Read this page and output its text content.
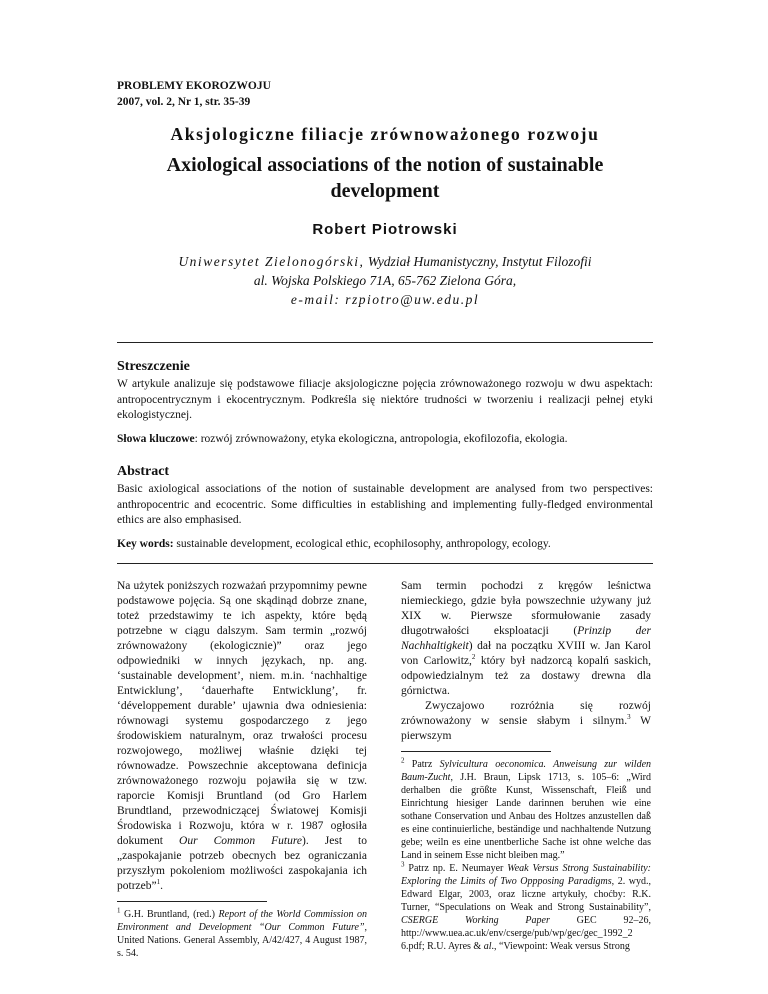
PROBLEMY EKOROZWOJU
2007, vol. 2, Nr 1, str. 35-39
Aksjologiczne filiacje zrównoważonego rozwoju
Axiological associations of the notion of sustainable development
Robert Piotrowski
Uniwersytet Zielonogórski, Wydział Humanistyczny, Instytut Filozofii
al. Wojska Polskiego 71A, 65-762 Zielona Góra,
e-mail: rzpiotro@uw.edu.pl
Streszczenie
W artykule analizuje się podstawowe filiacje aksjologiczne pojęcia zrównoważonego rozwoju w dwu aspektach: antropocentrycznym i ekocentrycznym. Podkreśla się niektóre trudności w tworzeniu i realizacji pełnej etyki ekologistycznej.
Słowa kluczowe: rozwój zrównoważony, etyka ekologiczna, antropologia, ekofilozofia, ekologia.
Abstract
Basic axiological associations of the notion of sustainable development are analysed from two perspectives: anthropocentric and ecocentric. Some difficulties in establishing and implementing fully-fledged environmental ethics are also emphasised.
Key words: sustainable development, ecological ethic, ecophilosophy, anthropology, ecology.

Na użytek poniższych rozważań przypomnimy pewne podstawowe pojęcia. Są one skądinąd dobrze znane, toteż przedstawimy te ich aspekty, które będą potrzebne w ciągu dalszym. Sam termin „rozwój zrównoważony (ekologicznie)” oraz jego odpowiedniki w innych językach, np. ang. ‘sustainable development’, niem. m.in. ‘nachhaltige Entwicklung’, ‘dauerhafte Entwicklung’, fr. ‘développement durable’ ujawnia dwa odniesienia: równowagi systemu gospodarczego z jego środowiskiem naturalnym, oraz trwałości procesu rozwojowego, możliwej właśnie dzięki tej równowadze. Powszechnie akceptowana definicja zrównoważonego rozwoju pojawiła się w tzw. raporcie Komisji Bruntland (od Gro Harlem Brundtland, przewodniczącej Światowej Komisji Środowiska i Rozwoju, która w r. 1987 ogłosiła dokument Our Common Future). Jest to „zaspokajanie potrzeb obecnych bez ograniczania przyszłym pokoleniom możliwości zaspokajania ich potrzeb”$^1$.

$^1$ G.H. Bruntland, (red.) Report of the World Commission on Environment and Development “Our Common Future”, United Nations. General Assembly, A/42/427, 4 August 1987, s. 54.

Sam termin pochodzi z kręgów leśnictwa niemieckiego, gdzie była powszechnie używany już XIX w. Pierwsze sformułowanie zasady długotrwałości eksploatacji (Prinzip der Nachhaltigkeit) dał na początku XVIII w. Jan Karol von Carlowitz,$^2$ który był nadzorcą kopalń saskich, odpowiedzialnym też za dostawy drewna dla górnictwa.

Zwyczajowo rozróżnia się rozwój zrównoważony w sensie słabym i silnym.$^3$ W pierwszym

$^2$ Patrz Sylvicultura oeconomica. Anweisung zur wilden Baum-Zucht, J.H. Braun, Lipsk 1713, s. 105–6: „Wird derhalben die größte Kunst, Wissenschaft, Fleiß und Einrichtung hiesiger Lande darinnen beruhen wie eine sothane Conservation und Anbau des Holtzes anzustellen daß es eine continuierliche, beständige und nachhaltende Nutzung gebe; weiln es eine unentberliche Sache ist ohne welche das Land in seinem Esse nicht bleiben mag.”

$^3$ Patrz np. E. Neumayer Weak Versus Strong Sustainability: Exploring the Limits of Two Oppposing Paradigms, 2. wyd., Edward Elgar, 2003, oraz liczne artykuły, choćby: R.K. Turner, “Speculations on Weak and Strong Sustainability”, CSERGE Working Paper GEC 92–26, http://www.uea.ac.uk/env/cserge/pub/wp/gec/gec_1992_2 6.pdf; R.U. Ayres & al., “Viewpoint: Weak versus Strong
